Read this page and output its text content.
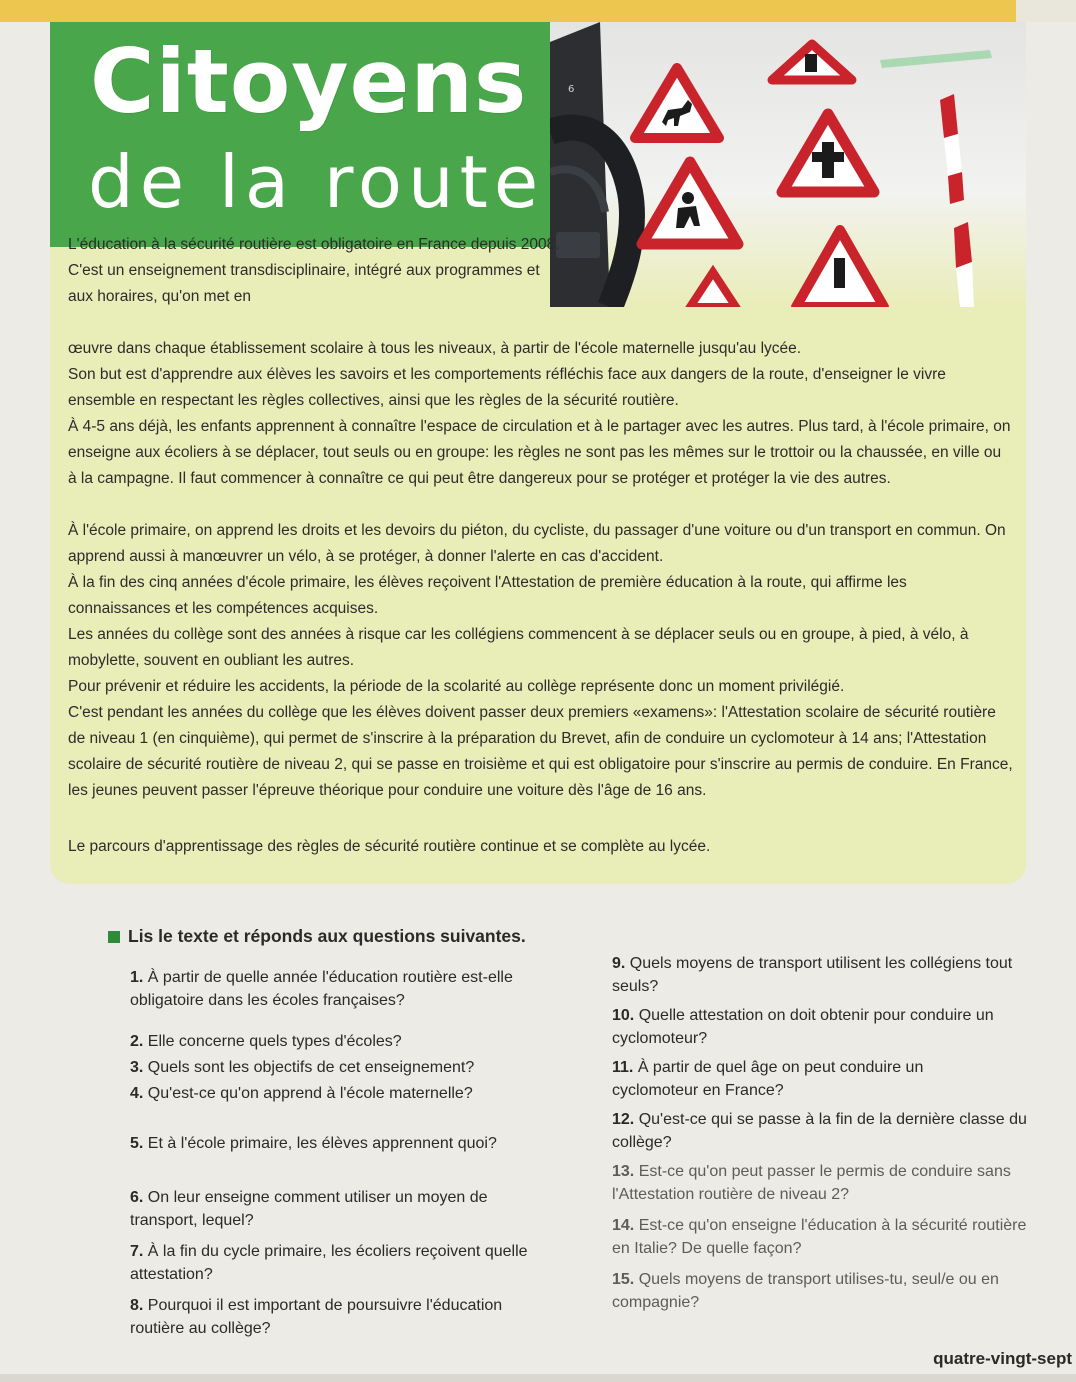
Citoyens
de la route
6

L'éducation à la sécurité routière est obligatoire en France depuis 2008. C'est un enseignement transdisciplinaire, intégré aux programmes et aux horaires, qu'on met en

œuvre dans chaque établissement scolaire à tous les niveaux, à partir de l'école maternelle jusqu'au lycée.

Son but est d'apprendre aux élèves les savoirs et les comportements réfléchis face aux dangers de la route, d'enseigner le vivre ensemble en respectant les règles collectives, ainsi que les règles de la sécurité routière.

À 4-5 ans déjà, les enfants apprennent à connaître l'espace de circulation et à le partager avec les autres. Plus tard, à l'école primaire, on enseigne aux écoliers à se déplacer, tout seuls ou en groupe: les règles ne sont pas les mêmes sur le trottoir ou la chaussée, en ville ou à la campagne. Il faut commencer à connaître ce qui peut être dangereux pour se protéger et protéger la vie des autres.

À l'école primaire, on apprend les droits et les devoirs du piéton, du cycliste, du passager d'une voiture ou d'un transport en commun. On apprend aussi à manœuvrer un vélo, à se protéger, à donner l'alerte en cas d'accident.

À la fin des cinq années d'école primaire, les élèves reçoivent l'Attestation de première éducation à la route, qui affirme les connaissances et les compétences acquises.

Les années du collège sont des années à risque car les collégiens commencent à se déplacer seuls ou en groupe, à pied, à vélo, à mobylette, souvent en oubliant les autres.

Pour prévenir et réduire les accidents, la période de la scolarité au collège représente donc un moment privilégié.

C'est pendant les années du collège que les élèves doivent passer deux premiers «examens»: l'Attestation scolaire de sécurité routière de niveau 1 (en cinquième), qui permet de s'inscrire à la préparation du Brevet, afin de conduire un cyclomoteur à 14 ans; l'Attestation scolaire de sécurité routière de niveau 2, qui se passe en troisième et qui est obligatoire pour s'inscrire au permis de conduire. En France, les jeunes peuvent passer l'épreuve théorique pour conduire une voiture dès l'âge de 16 ans.

Le parcours d'apprentissage des règles de sécurité routière continue et se complète au lycée.

Lis le texte et réponds aux questions suivantes.

1. À partir de quelle année l'éducation routière est-elle obligatoire dans les écoles françaises?

2. Elle concerne quels types d'écoles?

3. Quels sont les objectifs de cet enseignement?

4. Qu'est-ce qu'on apprend à l'école maternelle?

5. Et à l'école primaire, les élèves apprennent quoi?

6. On leur enseigne comment utiliser un moyen de transport, lequel?

7. À la fin du cycle primaire, les écoliers reçoivent quelle attestation?

8. Pourquoi il est important de poursuivre l'éducation routière au collège?

9. Quels moyens de transport utilisent les collégiens tout seuls?

10. Quelle attestation on doit obtenir pour conduire un cyclomoteur?

11. À partir de quel âge on peut conduire un cyclomoteur en France?

12. Qu'est-ce qui se passe à la fin de la dernière classe du collège?

13. Est-ce qu'on peut passer le permis de conduire sans l'Attestation routière de niveau 2?

14. Est-ce qu'on enseigne l'éducation à la sécurité routière en Italie? De quelle façon?

15. Quels moyens de transport utilises-tu, seul/e ou en compagnie?

quatre-vingt-sept
